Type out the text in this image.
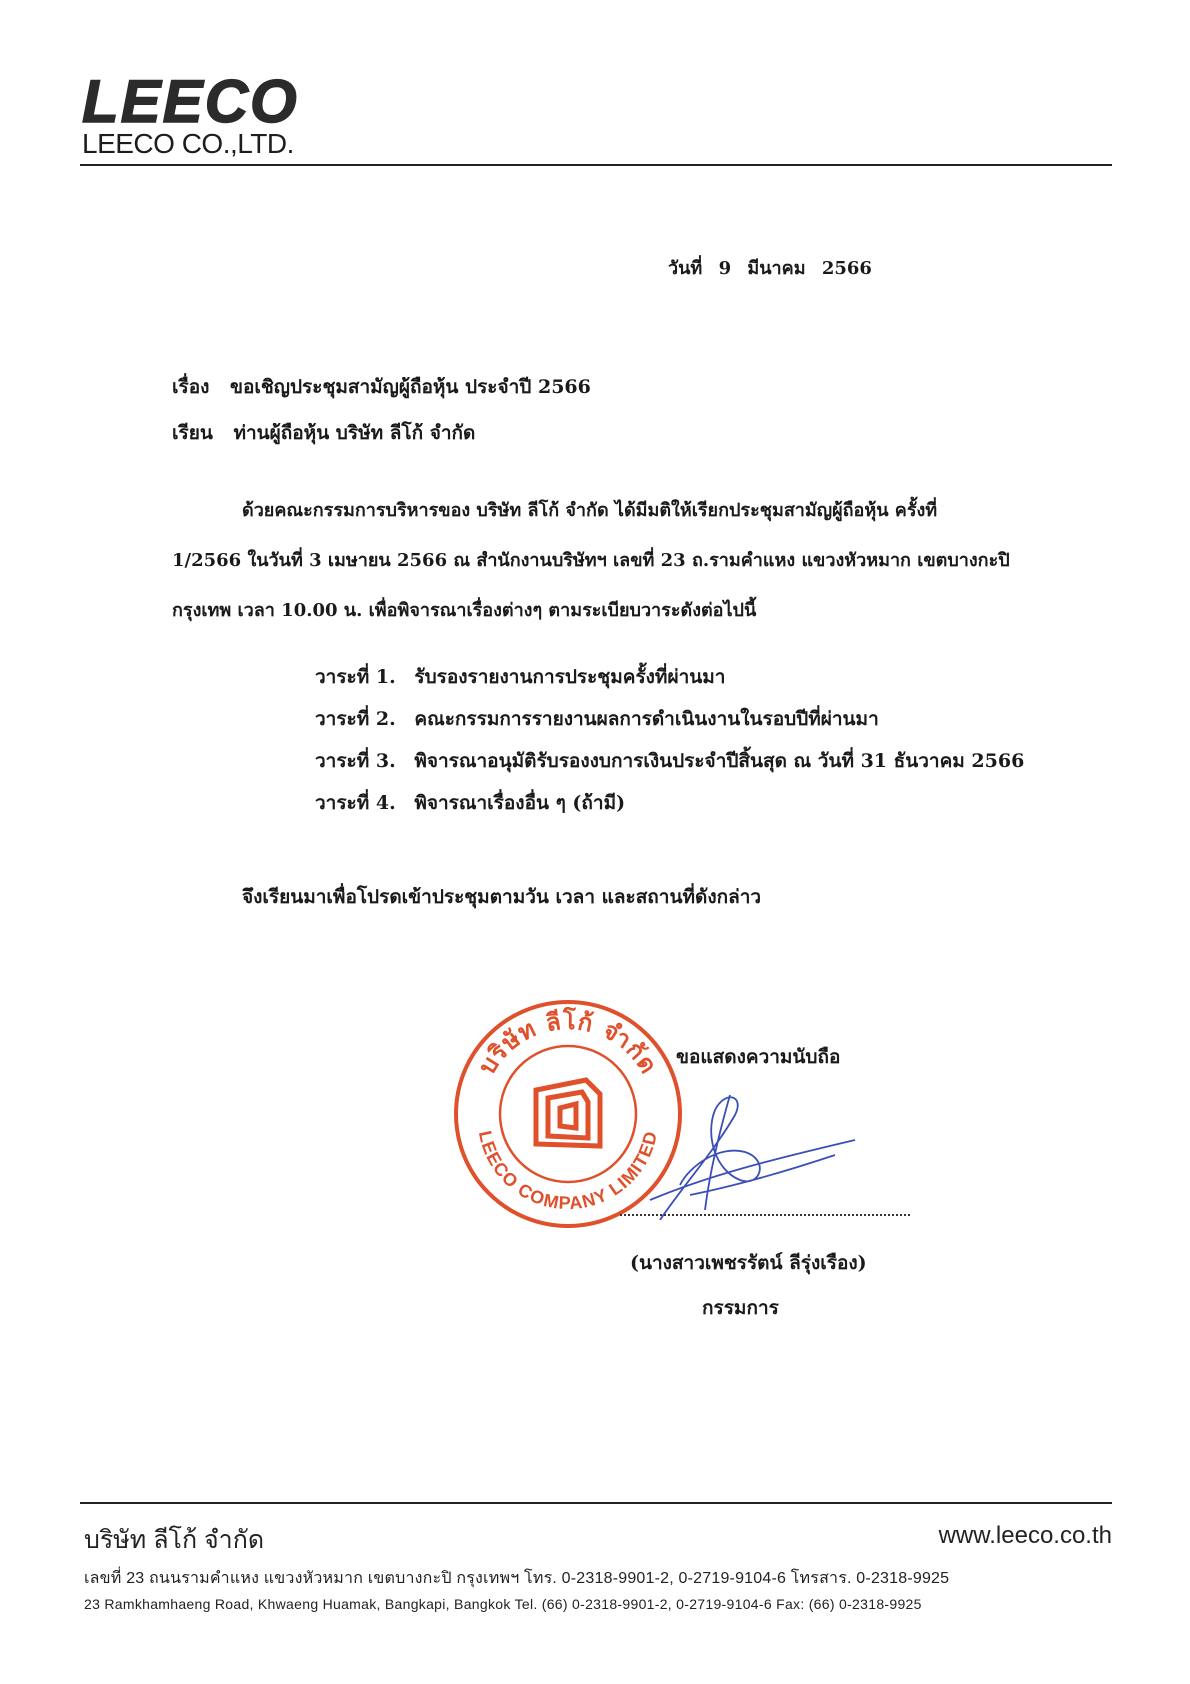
LEECO
LEECO CO.,LTD.
วันที่ 9 มีนาคม 2566
เรื่อง ขอเชิญประชุมสามัญผู้ถือหุ้น ประจำปี 2566
เรียน ท่านผู้ถือหุ้น บริษัท ลีโก้ จำกัด
ด้วยคณะกรรมการบริหารของ บริษัท ลีโก้ จำกัด ได้มีมติให้เรียกประชุมสามัญผู้ถือหุ้น ครั้งที่
1/2566 ในวันที่ 3 เมษายน 2566 ณ สำนักงานบริษัทฯ เลขที่ 23 ถ.รามคำแหง แขวงหัวหมาก เขตบางกะปิ
กรุงเทพ เวลา 10.00 น. เพื่อพิจารณาเรื่องต่างๆ ตามระเบียบวาระดังต่อไปนี้
วาระที่ 1. รับรองรายงานการประชุมครั้งที่ผ่านมา
วาระที่ 2. คณะกรรมการรายงานผลการดำเนินงานในรอบปีที่ผ่านมา
วาระที่ 3. พิจารณาอนุมัติรับรองงบการเงินประจำปีสิ้นสุด ณ วันที่ 31 ธันวาคม 2566
วาระที่ 4. พิจารณาเรื่องอื่น ๆ (ถ้ามี)
จึงเรียนมาเพื่อโปรดเข้าประชุมตามวัน เวลา และสถานที่ดังกล่าว
บริษัท ลีโก้ จำกัด
LEECO COMPANY LIMITED
ขอแสดงความนับถือ
(นางสาวเพชรรัตน์ ลีรุ่งเรือง)
กรรมการ
บริษัท ลีโก้ จำกัด	www.leeco.co.th
เลขที่ 23 ถนนรามคำแหง แขวงหัวหมาก เขตบางกะปิ กรุงเทพฯ โทร. 0-2318-9901-2, 0-2719-9104-6 โทรสาร. 0-2318-9925
23 Ramkhamhaeng Road, Khwaeng Huamak, Bangkapi, Bangkok Tel. (66) 0-2318-9901-2, 0-2719-9104-6 Fax: (66) 0-2318-9925
